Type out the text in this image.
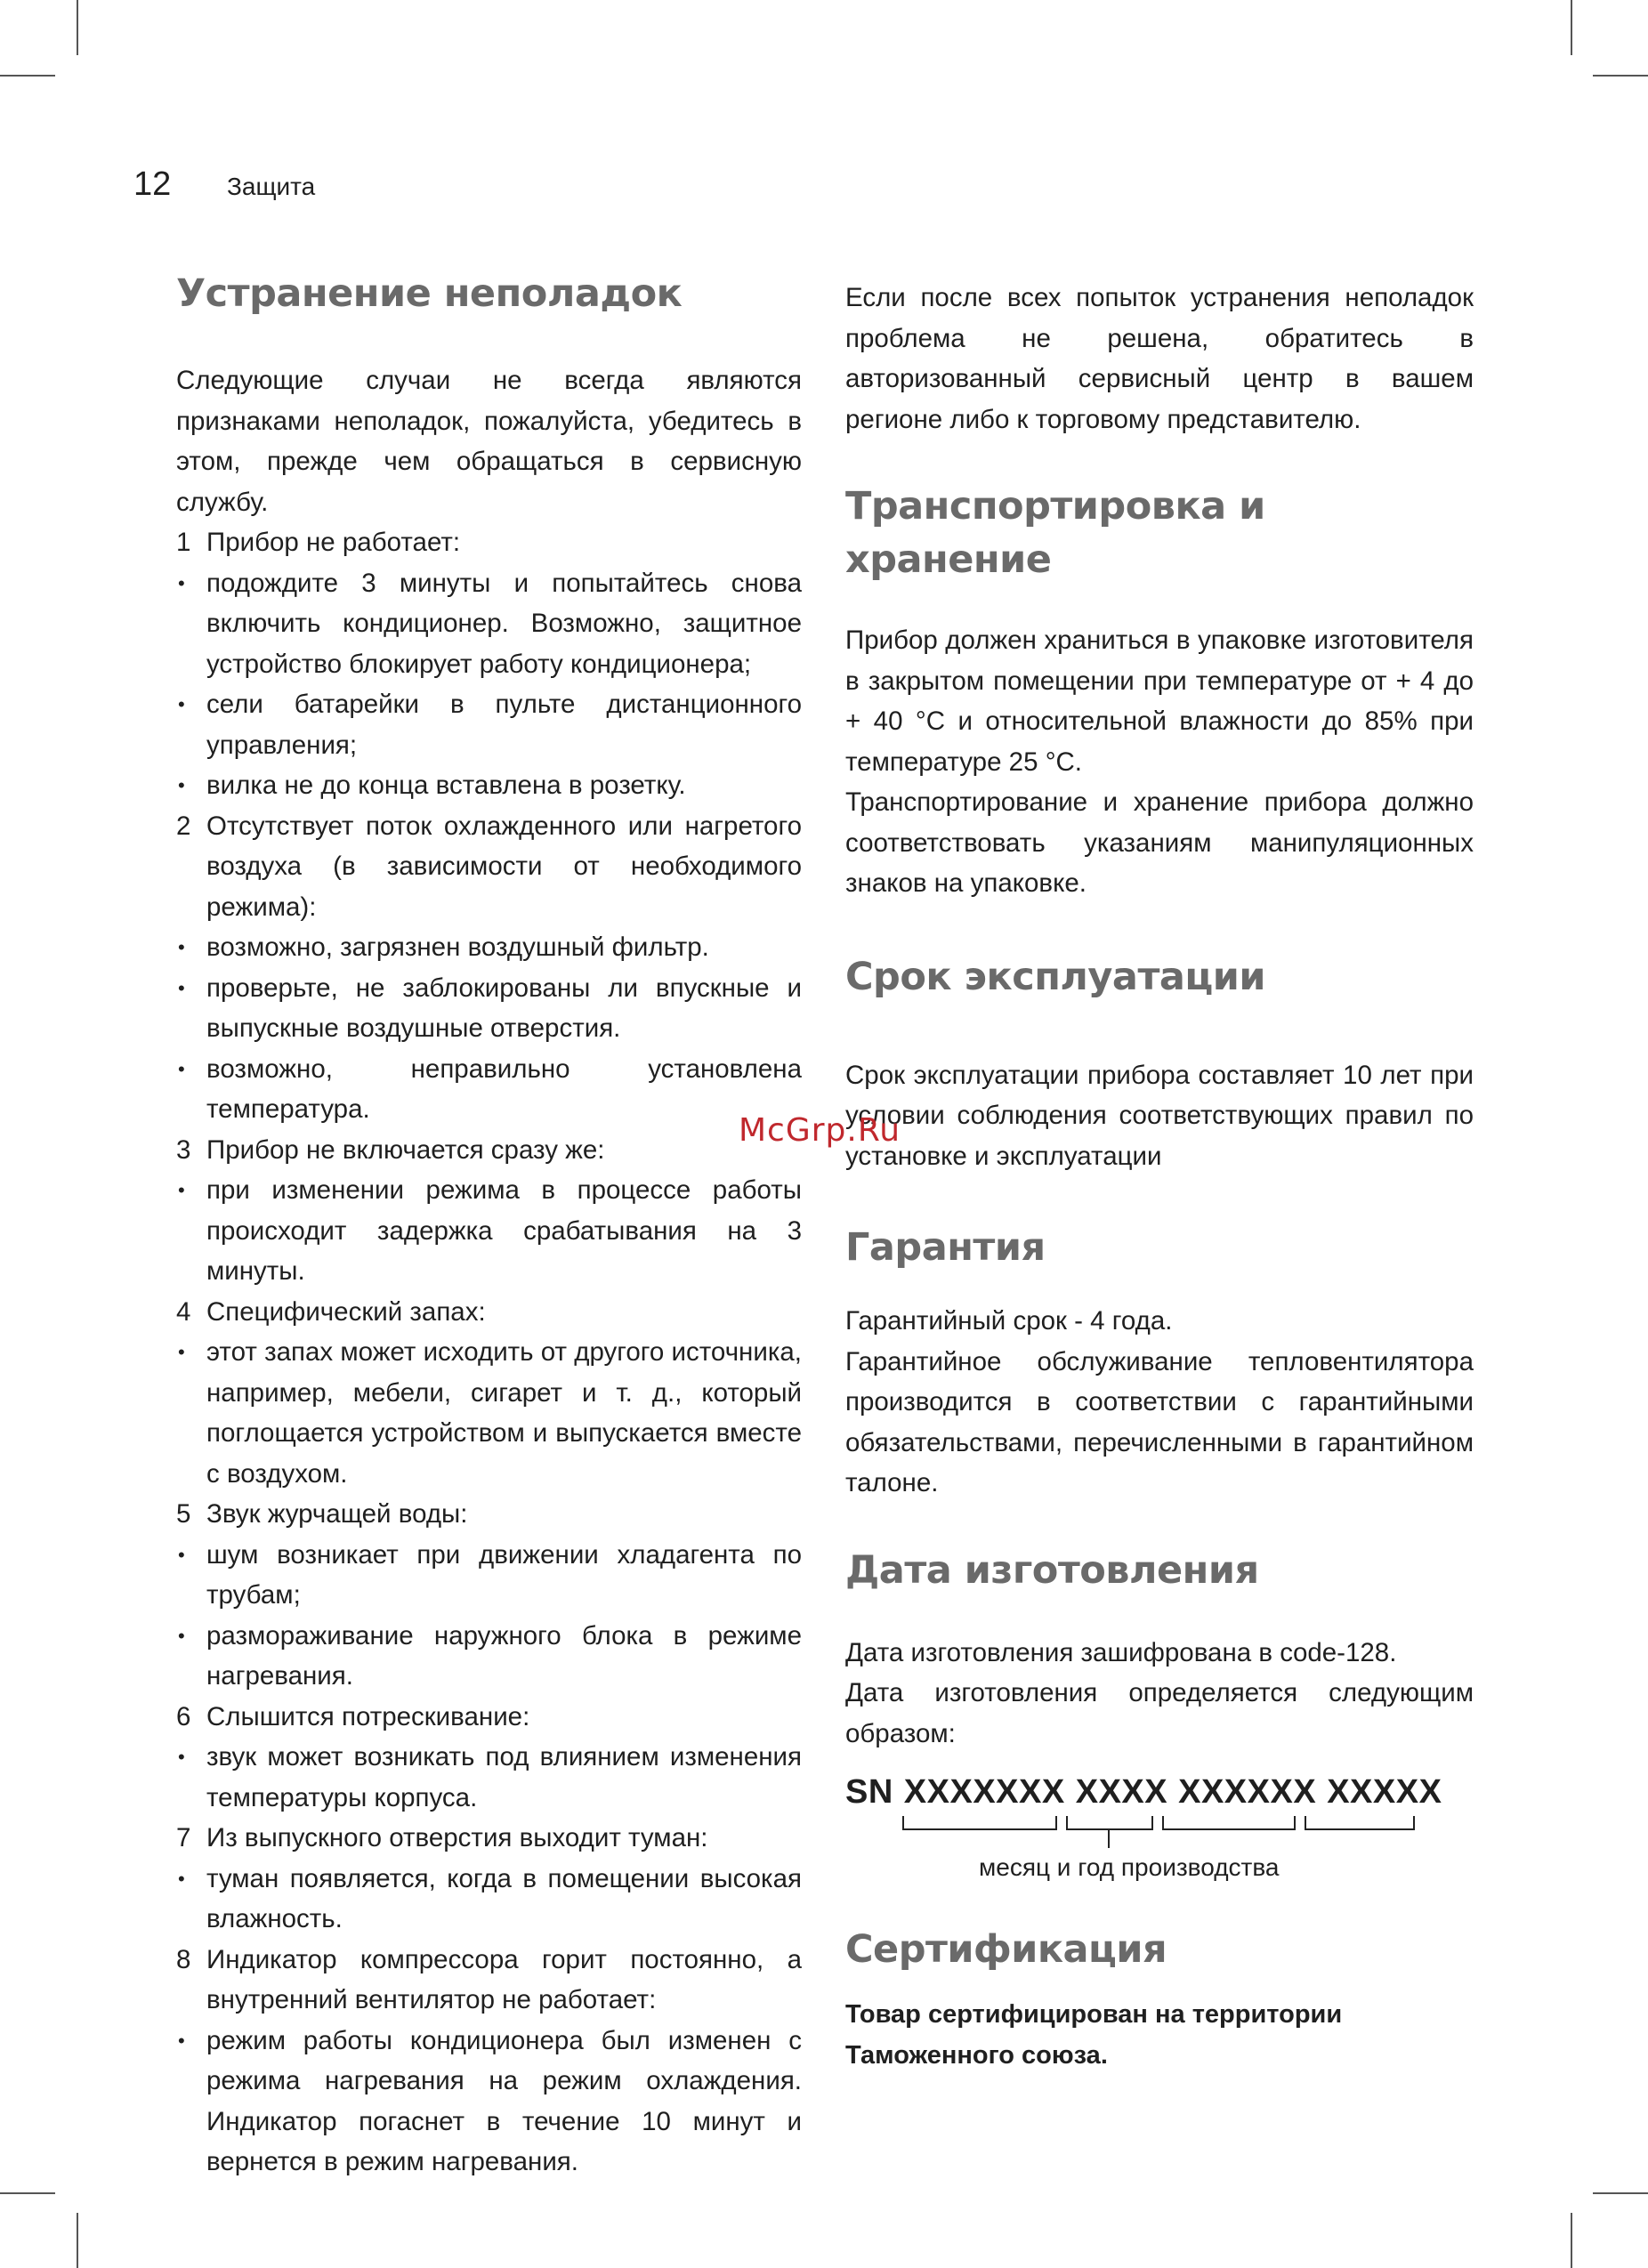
12 Защита
Устранение неполадок

Следующие случаи не всегда являются признаками неполадок, пожалуйста, убедитесь в этом, прежде чем обращаться в сервисную службу.

1 Прибор не работает:
• подождите 3 минуты и попытайтесь снова включить кондиционер. Возможно, защитное устройство блокирует работу кондиционера;
• сели батарейки в пульте дистанционного управления;
• вилка не до конца вставлена в розетку.
2 Отсутствует поток охлажденного или нагретого воздуха (в зависимости от необходимого режима):
• возможно, загрязнен воздушный фильтр.
• проверьте, не заблокированы ли впускные и выпускные воздушные отверстия.
• возможно, неправильно установлена температура.
3 Прибор не включается сразу же:
• при изменении режима в процессе работы происходит задержка срабатывания на 3 минуты.
4 Специфический запах:
• этот запах может исходить от другого источника, например, мебели, сигарет и т. д., который поглощается устройством и выпускается вместе с воздухом.
5 Звук журчащей воды:
• шум возникает при движении хладагента по трубам;
• размораживание наружного блока в режиме нагревания.
6 Слышится потрескивание:
• звук может возникать под влиянием изменения температуры корпуса.
7 Из выпускного отверстия выходит туман:
• туман появляется, когда в помещении высокая влажность.
8 Индикатор компрессора горит постоянно, а внутренний вентилятор не работает:
• режим работы кондиционера был изменен с режима нагревания на режим охлаждения. Индикатор погаснет в течение 10 минут и вернется в режим нагревания.

Если после всех попыток устранения неполадок проблема не решена, обратитесь в авторизованный сервисный центр в вашем регионе либо к торговому представителю.

Транспортировка и хранение

Прибор должен храниться в упаковке изготовителя в закрытом помещении при температуре от + 4 до + 40 °C и относительной влажности до 85% при температуре 25 °C.

Транспортирование и хранение прибора должно соответствовать указаниям манипуляционных знаков на упаковке.

Срок эксплуатации

Срок эксплуатации прибора составляет 10 лет при условии соблюдения соответствующих правил по установке и эксплуатации

Гарантия

Гарантийный срок - 4 года.

Гарантийное обслуживание тепловентилятора производится в соответствии с гарантийными обязательствами, перечисленными в гарантийном талоне.

Дата изготовления

Дата изготовления зашифрована в code-128.

Дата изготовления определяется следующим образом:

SN XXXXXXX XXXX XXXXXX XXXXX
месяц и год производства
Сертификация
Товар сертифицирован на территории
Таможенного союза.
McGrp.Ru
